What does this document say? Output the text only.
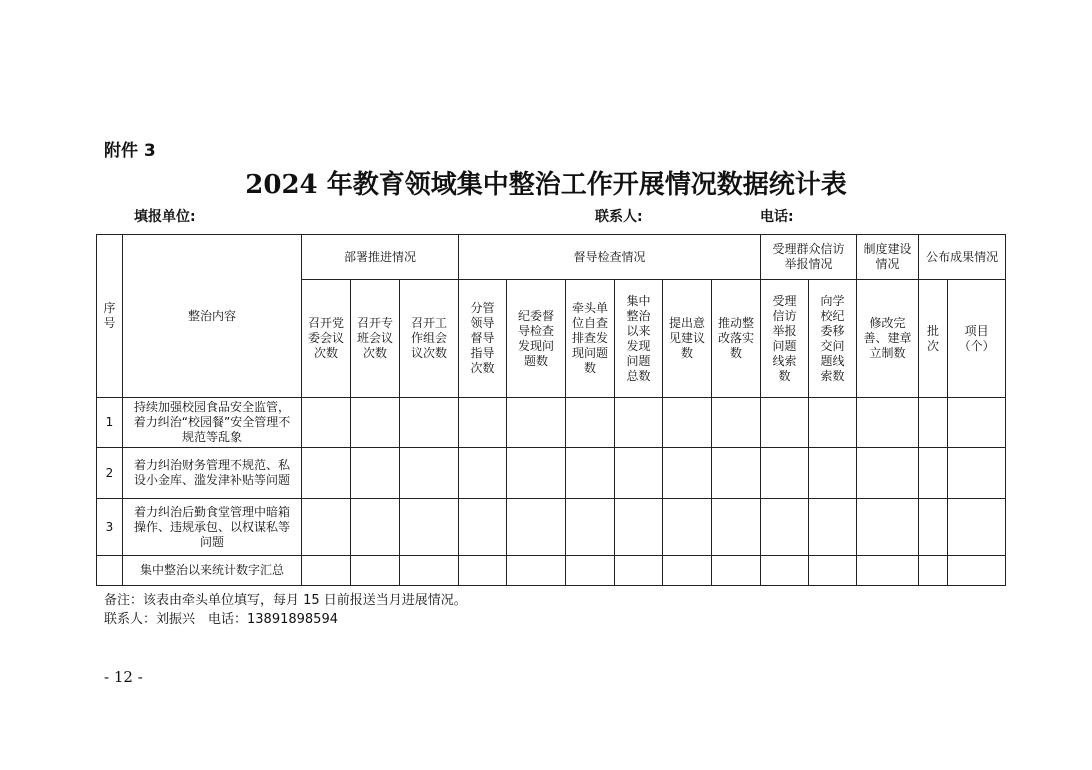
附件 3
2024 年教育领域集中整治工作开展情况数据统计表
填报单位:	联系人:	电话:
序号	整治内容	部署推进情况			督导检查情况						受理群众信访举报情况		制度建设情况	公布成果情况	
		召开党委会议次数	召开专班会议次数	召开工作组会议次数	分管领导督导指导次数	纪委督导检查发现问题数	牵头单位自查排查发现问题数	集中整治以来发现问题总数	提出意见建议数	推动整改落实数	受理信访举报问题线索数	向学校纪委移交问题线索数	修改完善、建章立制数	批次	项目（个）
1	持续加强校园食品安全监管，着力纠治“校园餐”安全管理不规范等乱象														
2	着力纠治财务管理不规范、私设小金库、滥发津补贴等问题														
3	着力纠治后勤食堂管理中暗箱操作、违规承包、以权谋私等问题														
	集中整治以来统计数字汇总														
备注：该表由牵头单位填写，每月 15 日前报送当月进展情况。
联系人：刘振兴　电话：13891898594
- 12 -
